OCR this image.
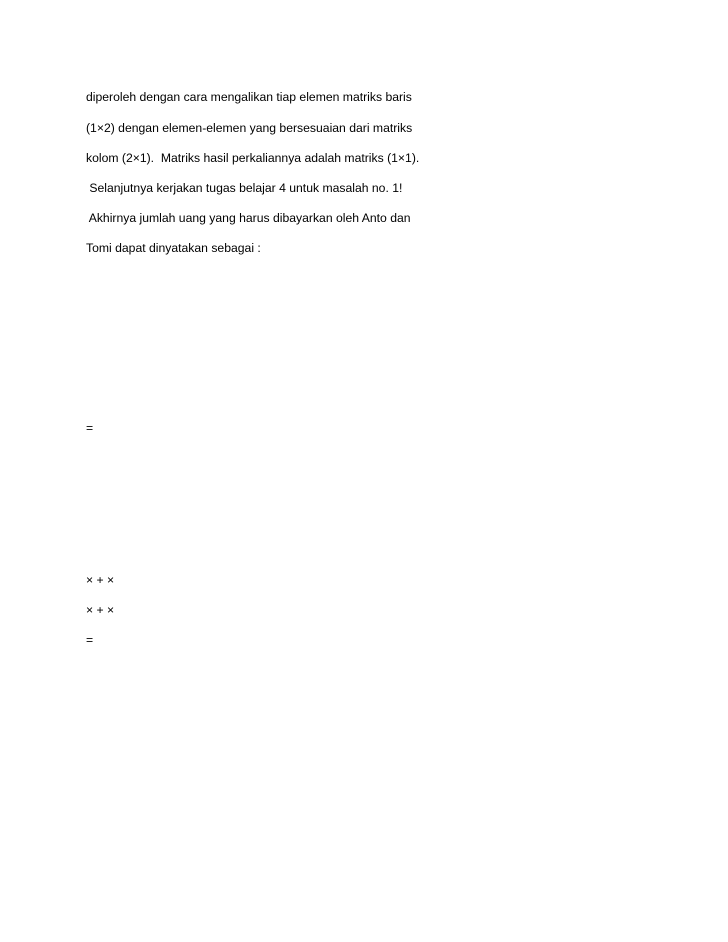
diperoleh dengan cara mengalikan tiap elemen matriks baris

(1×2) dengan elemen-elemen yang bersesuaian dari matriks

kolom (2×1).  Matriks hasil perkaliannya adalah matriks (1×1).

Selanjutnya kerjakan tugas belajar 4 untuk masalah no. 1!

Akhirnya jumlah uang yang harus dibayarkan oleh Anto dan

Tomi dapat dinyatakan sebagai :

=

× + ×

× + ×

=
